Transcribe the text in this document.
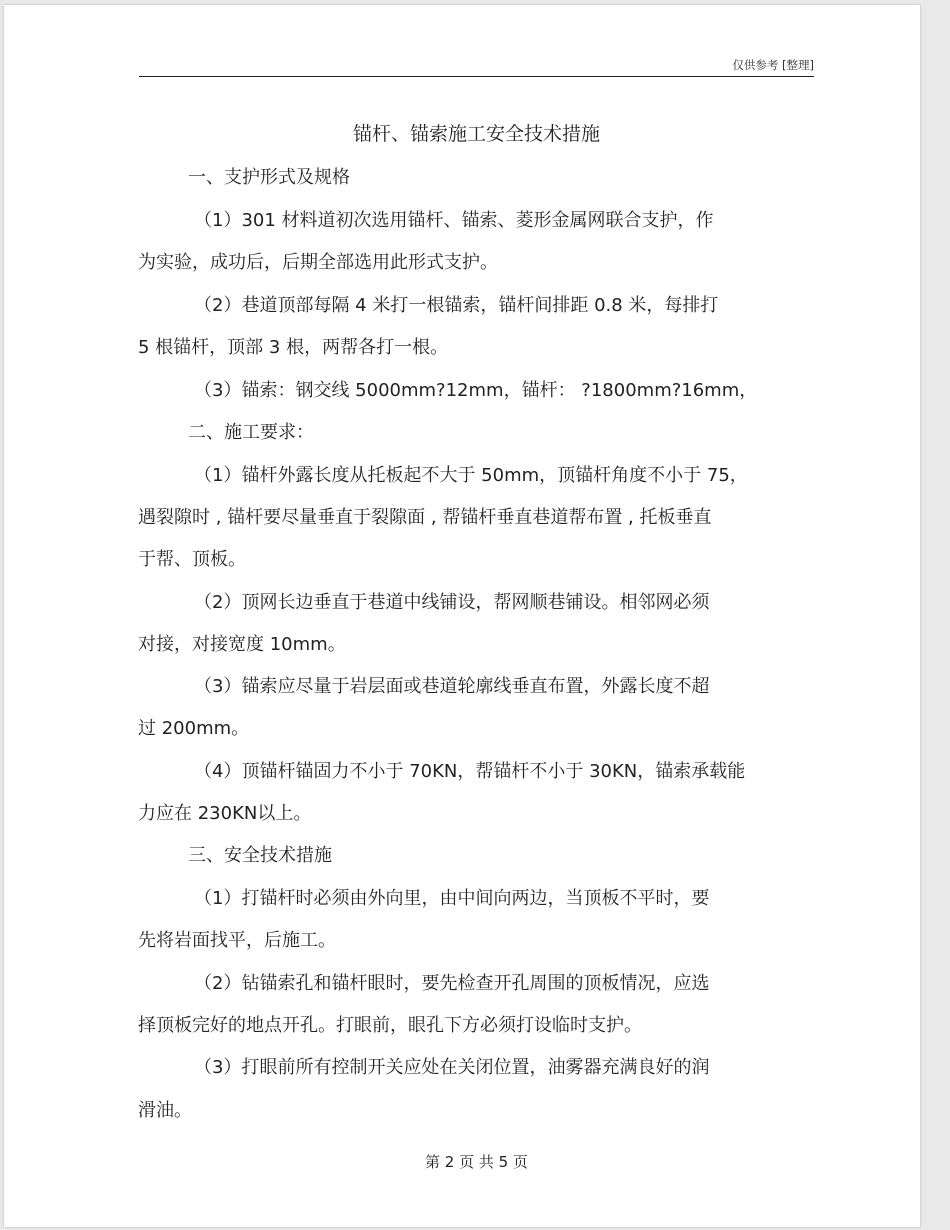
仅供参考 [整理]
锚杆、锚索施工安全技术措施
一、支护形式及规格
（1）301 材料道初次选用锚杆、锚索、菱形金属网联合支护，作
为实验，成功后，后期全部选用此形式支护。
（2）巷道顶部每隔 4 米打一根锚索，锚杆间排距 0.8 米，每排打
5 根锚杆，顶部 3 根，两帮各打一根。
（3）锚索：钢交线 5000mm?12mm，锚杆： ?1800mm?16mm，
二、施工要求：
（1）锚杆外露长度从托板起不大于 50mm，顶锚杆角度不小于 75，
遇裂隙时 , 锚杆要尽量垂直于裂隙面 , 帮锚杆垂直巷道帮布置 , 托板垂直
于帮、顶板。
（2）顶网长边垂直于巷道中线铺设，帮网顺巷铺设。相邻网必须
对接，对接宽度 10mm。
（3）锚索应尽量于岩层面或巷道轮廓线垂直布置，外露长度不超
过 200mm。
（4）顶锚杆锚固力不小于 70KN，帮锚杆不小于 30KN，锚索承载能
力应在 230KN以上。
三、安全技术措施
（1）打锚杆时必须由外向里，由中间向两边，当顶板不平时，要
先将岩面找平，后施工。
（2）钻锚索孔和锚杆眼时，要先检查开孔周围的顶板情况，应选
择顶板完好的地点开孔。打眼前，眼孔下方必须打设临时支护。
（3）打眼前所有控制开关应处在关闭位置，油雾器充满良好的润
滑油。
第 2 页 共 5 页
